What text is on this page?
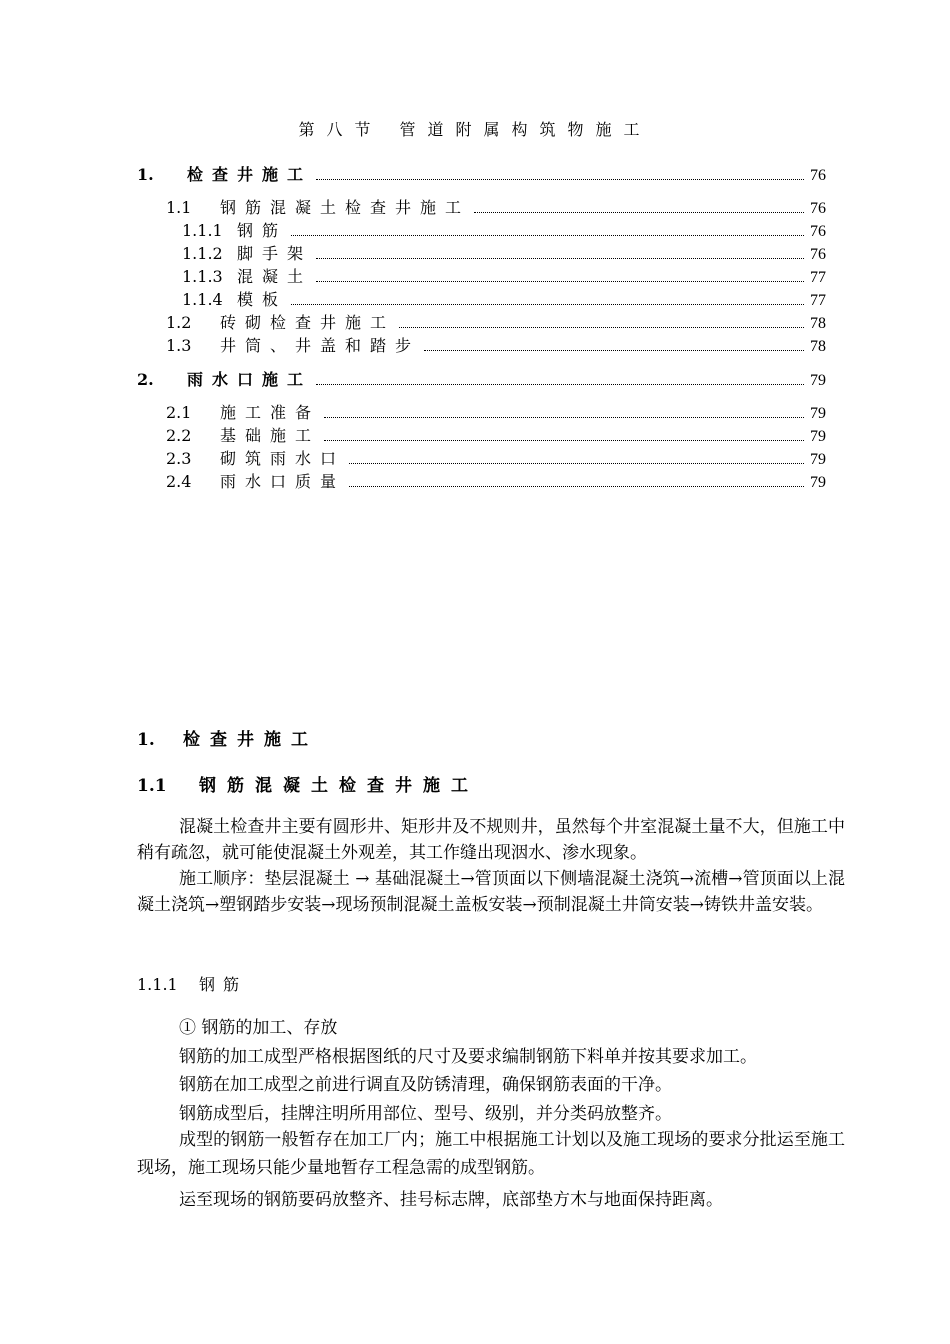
第八节 管道附属构筑物施工
1.	检查井施工	76
1.1	钢筋混凝土检查井施工	76
1.1.1 钢筋	76
1.1.2 脚手架	76
1.1.3 混凝土	77
1.1.4 模板	77
1.2	砖砌检查井施工	78
1.3	井筒、井盖和踏步	78
2.	雨水口施工	79
2.1	施工准备	79
2.2	基础施工	79
2.3	砌筑雨水口	79
2.4	雨水口质量	79
1. 检查井施工
1.1 钢筋混凝土检查井施工

混凝土检查井主要有圆形井、矩形井及不规则井，虽然每个井室混凝土量不大，但施工中稍有疏忽，就可能使混凝土外观差，其工作缝出现洇水、渗水现象。

施工顺序：垫层混凝土 → 基础混凝土→管顶面以下侧墙混凝土浇筑→流槽→管顶面以上混凝土浇筑→塑钢踏步安装→现场预制混凝土盖板安装→预制混凝土井筒安装→铸铁井盖安装。

1.1.1 钢筋
① 钢筋的加工、存放
钢筋的加工成型严格根据图纸的尺寸及要求编制钢筋下料单并按其要求加工。
钢筋在加工成型之前进行调直及防锈清理，确保钢筋表面的干净。
钢筋成型后，挂牌注明所用部位、型号、级别，并分类码放整齐。

成型的钢筋一般暂存在加工厂内；施工中根据施工计划以及施工现场的要求分批运至施工现场，施工现场只能少量地暂存工程急需的成型钢筋。

运至现场的钢筋要码放整齐、挂号标志牌，底部垫方木与地面保持距离。
